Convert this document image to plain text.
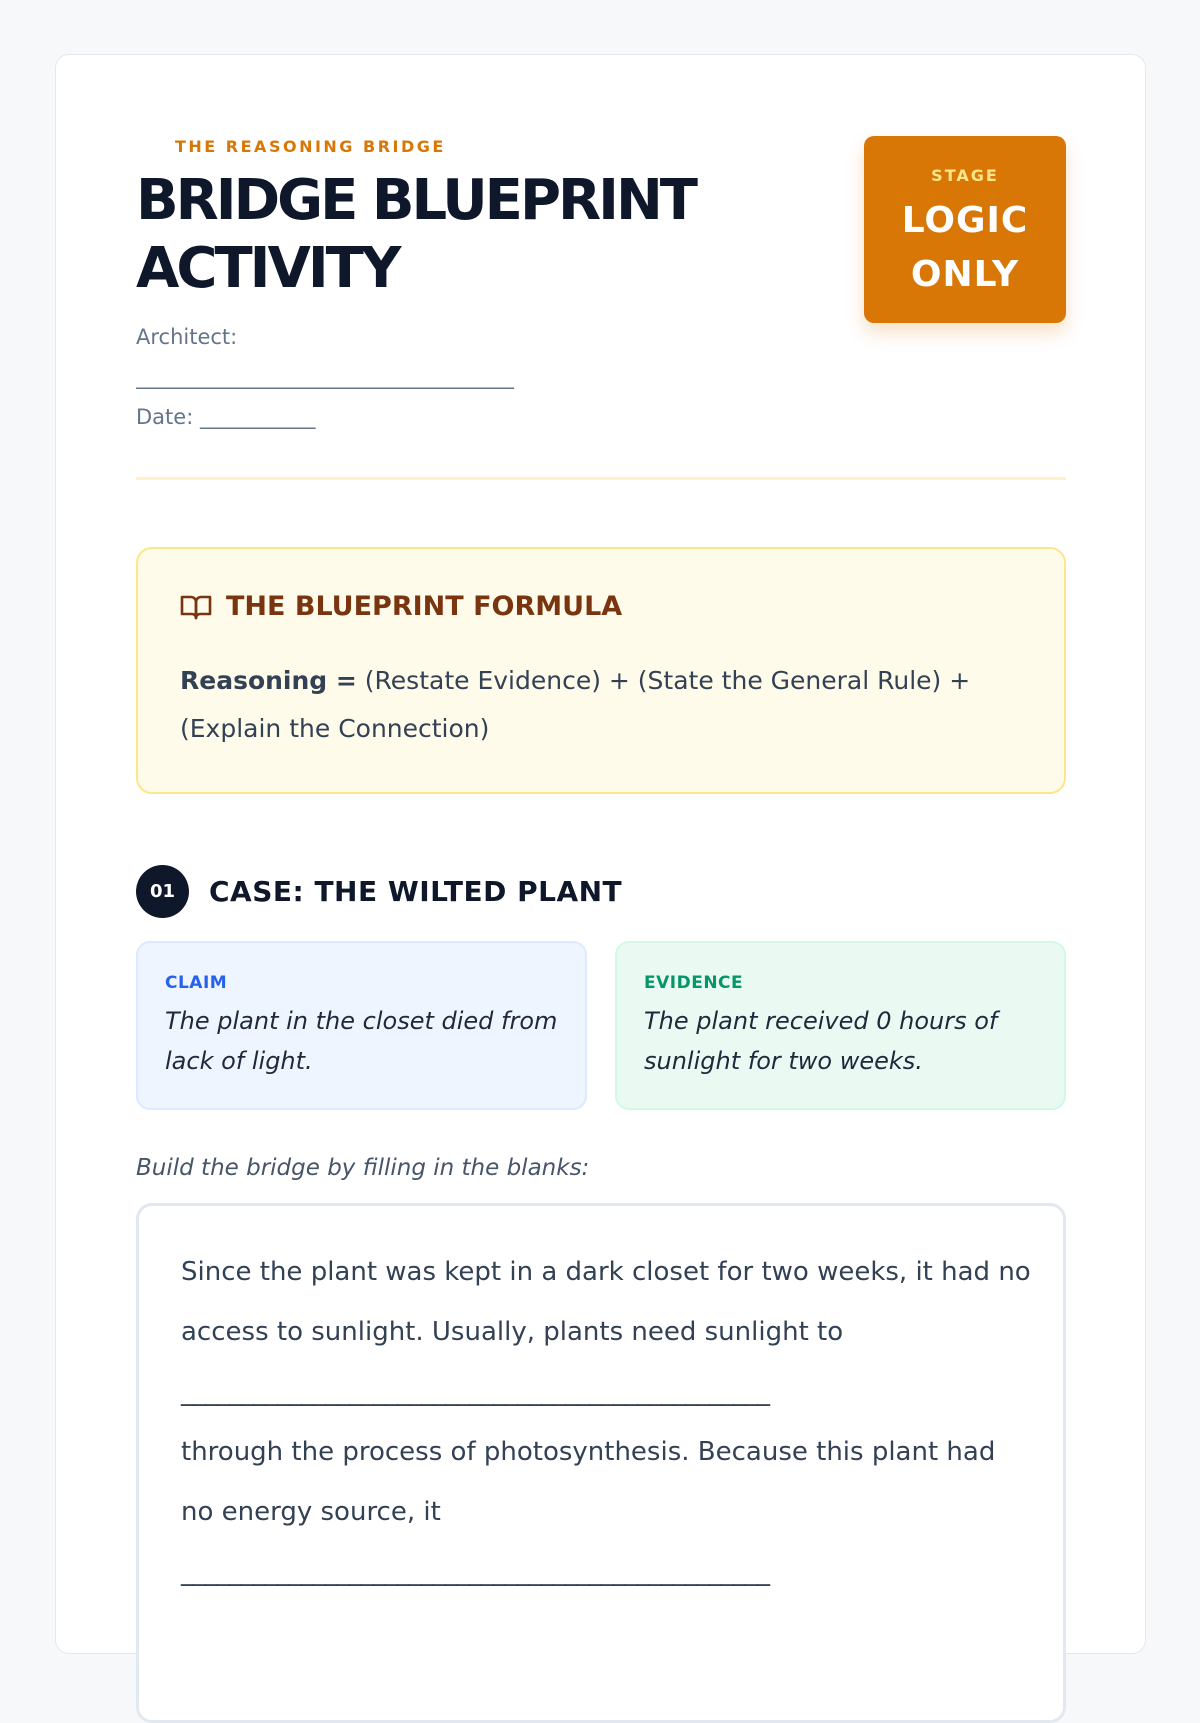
THE REASONING BRIDGE
BRIDGE BLUEPRINT ACTIVITY
Architect:
____________________________________
Date: ___________
STAGE
LOGIC
ONLY
THE BLUEPRINT FORMULA
Reasoning = (Restate Evidence) + (State the General Rule) + (Explain the Connection)
01	CASE: THE WILTED PLANT
CLAIM
The plant in the closet died from lack of light.
EVIDENCE
The plant received 0 hours of sunlight for two weeks.
Build the bridge by filling in the blanks:
Since the plant was kept in a dark closet for two weeks, it had no access to sunlight. Usually, plants need sunlight to
_________________________________________________
through the process of photosynthesis. Because this plant had no energy source, it
_________________________________________________
